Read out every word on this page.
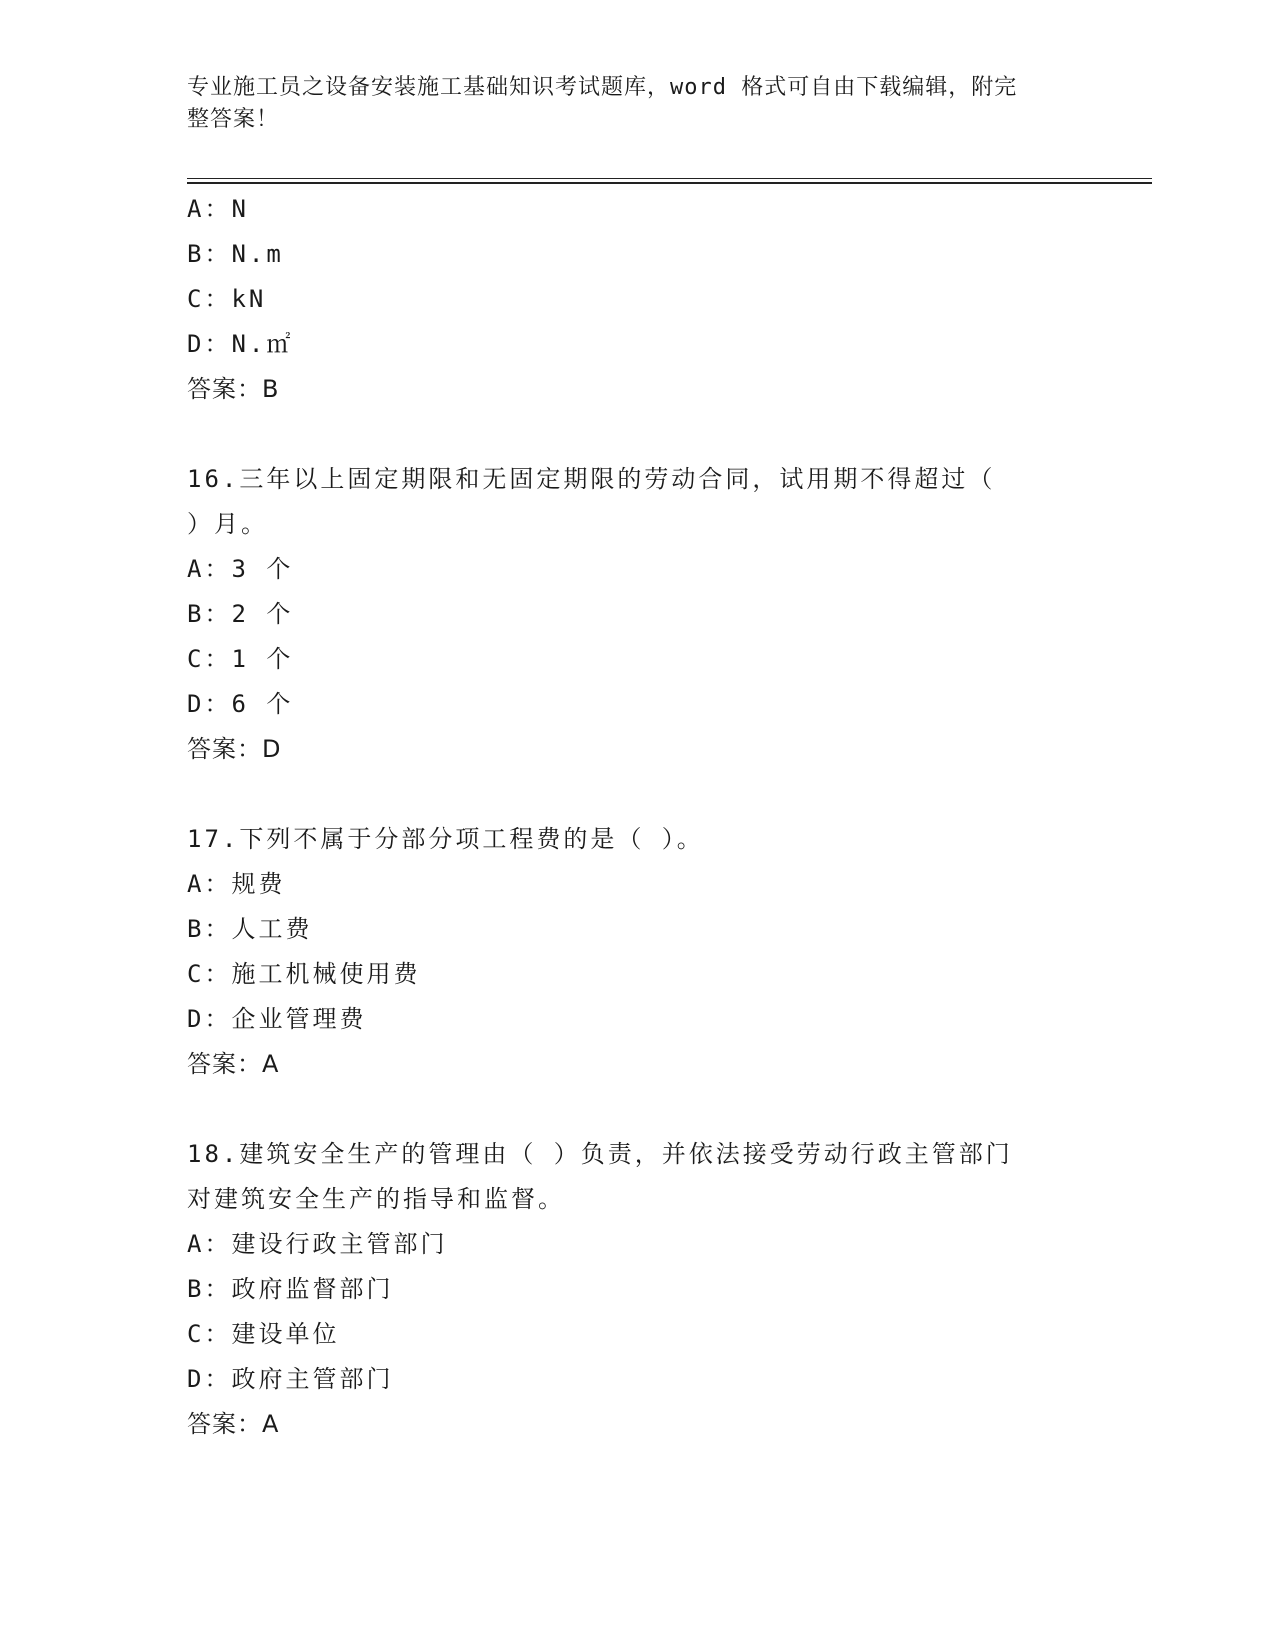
专业施工员之设备安装施工基础知识考试题库，word 格式可自由下载编辑，附完
整答案！
A：N
B：N.m
C：kN
D：N.㎡
答案：B
16.三年以上固定期限和无固定期限的劳动合同，试用期不得超过（
）月。
A：3 个
B：2 个
C：1 个
D：6 个
答案：D
17.下列不属于分部分项工程费的是（ ）。
A：规费
B：人工费
C：施工机械使用费
D：企业管理费
答案：A
18.建筑安全生产的管理由（ ）负责，并依法接受劳动行政主管部门
对建筑安全生产的指导和监督。
A：建设行政主管部门
B：政府监督部门
C：建设单位
D：政府主管部门
答案：A
